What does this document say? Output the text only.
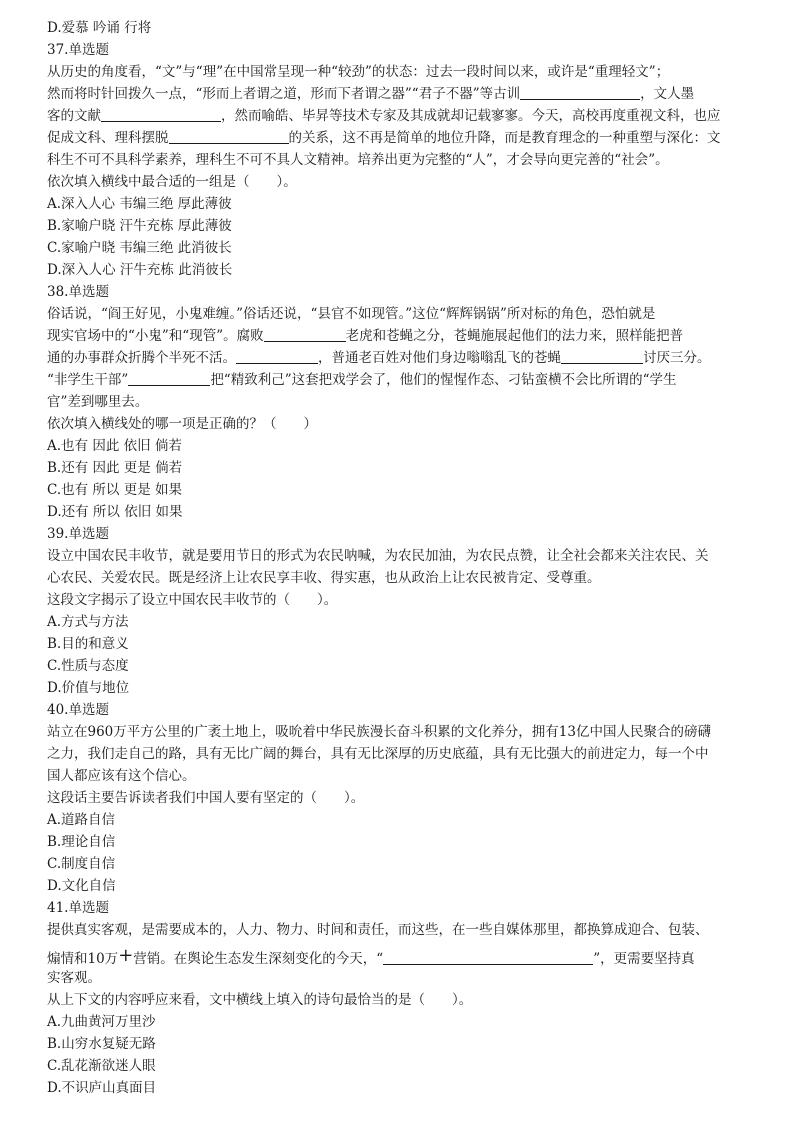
D.爱慕 吟诵 行将
37.单选题
从历史的角度看，“文”与“理”在中国常呈现一种“较劲”的状态：过去一段时间以来，或许是“重理轻文”；
然而将时针回拨久一点，“形而上者谓之道，形而下者谓之器”“君子不器”等古训	，文人墨
客的文献	，然而喻皓、毕昇等技术专家及其成就却记载寥寥。今天，高校再度重视文科，也应
促成文科、理科摆脱	的关系，这不再是简单的地位升降，而是教育理念的一种重塑与深化：文
科生不可不具科学素养，理科生不可不具人文精神。培养出更为完整的“人”，才会导向更完善的“社会”。
依次填入横线中最合适的一组是（　　）。
A.深入人心 韦编三绝 厚此薄彼
B.家喻户晓 汗牛充栋 厚此薄彼
C.家喻户晓 韦编三绝 此消彼长
D.深入人心 汗牛充栋 此消彼长
38.单选题
俗话说，“阎王好见，小鬼难缠。”俗话还说，“县官不如现管。”这位“辉辉锅锅”所对标的角色，恐怕就是
现实官场中的“小鬼”和“现管”。腐败	老虎和苍蝇之分，苍蝇施展起他们的法力来，照样能把普
通的办事群众折腾个半死不活。	，普通老百姓对他们身边嗡嗡乱飞的苍蝇	讨厌三分。
“非学生干部”	把“精致利己”这套把戏学会了，他们的惺惺作态、刁钻蛮横不会比所谓的“学生
官”差到哪里去。
依次填入横线处的哪一项是正确的？（　　）
A.也有 因此 依旧 倘若
B.还有 因此 更是 倘若
C.也有 所以 更是 如果
D.还有 所以 依旧 如果
39.单选题
设立中国农民丰收节，就是要用节日的形式为农民呐喊，为农民加油，为农民点赞，让全社会都来关注农民、关
心农民、关爱农民。既是经济上让农民享丰收、得实惠，也从政治上让农民被肯定、受尊重。
这段文字揭示了设立中国农民丰收节的（　　）。
A.方式与方法
B.目的和意义
C.性质与态度
D.价值与地位
40.单选题
站立在960万平方公里的广袤土地上，吸吮着中华民族漫长奋斗积累的文化养分，拥有13亿中国人民聚合的磅礴
之力，我们走自己的路，具有无比广阔的舞台，具有无比深厚的历史底蕴，具有无比强大的前进定力，每一个中
国人都应该有这个信心。
这段话主要告诉读者我们中国人要有坚定的（　　）。
A.道路自信
B.理论自信
C.制度自信
D.文化自信
41.单选题
提供真实客观，是需要成本的，人力、物力、时间和责任，而这些，在一些自媒体那里，都换算成迎合、包装、
煽情和10万+营销。在舆论生态发生深刻变化的今天，“	”，更需要坚持真
实客观。
从上下文的内容呼应来看，文中横线上填入的诗句最恰当的是（　　）。
A.九曲黄河万里沙
B.山穷水复疑无路
C.乱花渐欲迷人眼
D.不识庐山真面目
